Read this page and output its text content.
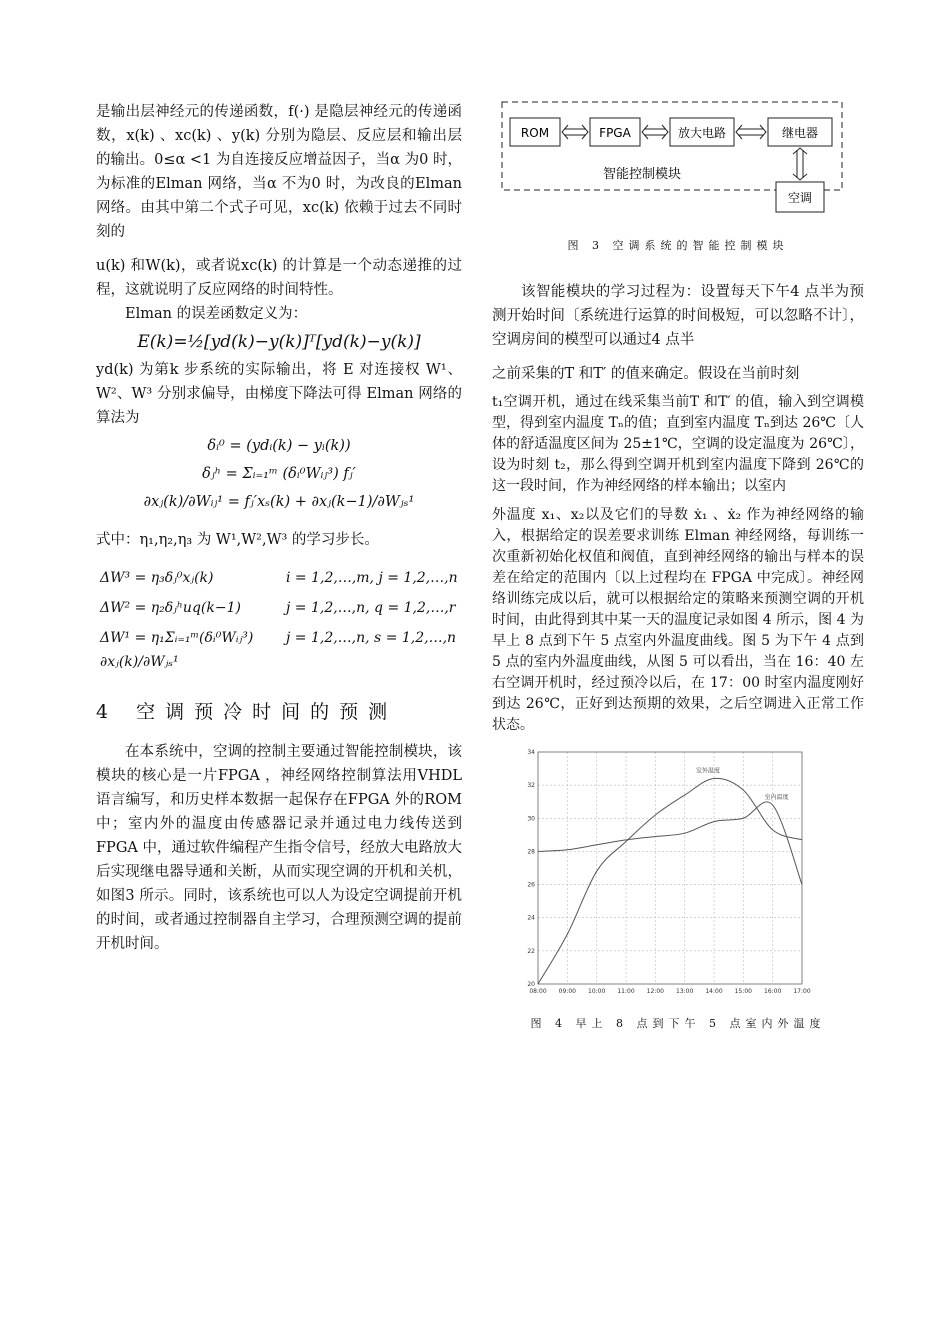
是输出层神经元的传递函数，f(·) 是隐层神经元的传递函数，x(k) 、xc(k) 、y(k) 分别为隐层、反应层和输出层的输出。0≤α <1 为自连接反应增益因子，当α 为0 时，为标准的Elman 网络，当α 不为0 时，为改良的Elman 网络。由其中第二个式子可见，xc(k) 依赖于过去不同时刻的

u(k) 和W(k)，或者说xc(k) 的计算是一个动态递推的过程，这就说明了反应网络的时间特性。

Elman 的误差函数定义为：

E(k)=½[yd(k)−y(k)]ᵀ[yd(k)−y(k)]

yd(k) 为第k 步系统的实际输出，将 E 对连接权 W¹、W²、W³ 分别求偏导，由梯度下降法可得 Elman 网络的算法为

δᵢ⁰ = (ydᵢ(k) − yᵢ(k))
δⱼʰ = Σᵢ₌₁ᵐ (δᵢ⁰Wᵢⱼ³) fⱼ′
∂xⱼ(k)/∂Wᵢⱼ¹ = fⱼ′xₛ(k) + ∂xⱼ(k−1)/∂Wⱼₛ¹

式中：η₁,η₂,η₃ 为 W¹,W²,W³ 的学习步长。

ΔW³ = η₃δⱼ⁰xⱼ(k)	i = 1,2,…,m, j = 1,2,…,n
ΔW² = η₂δⱼʰuq(k−1)	j = 1,2,…,n, q = 1,2,…,r
ΔW¹ = η₁Σᵢ₌₁ᵐ(δᵢ⁰Wᵢⱼ³) ∂xⱼ(k)/∂Wⱼₛ¹
j = 1,2,…,n, s = 1,2,…,n
4 空调预冷时间的预测

在本系统中，空调的控制主要通过智能控制模块，该模块的核心是一片FPGA ，神经网络控制算法用VHDL 语言编写，和历史样本数据一起保存在FPGA 外的ROM 中；室内外的温度由传感器记录并通过电力线传送到FPGA 中，通过软件编程产生指令信号，经放大电路放大后实现继电器导通和关断，从而实现空调的开机和关机，如图3 所示。同时，该系统也可以人为设定空调提前开机的时间，或者通过控制器自主学习，合理预测空调的提前开机时间。

ROM	FPGA	放大电路	继电器
智能控制模块
空调
图 3 空调系统的智能控制模块

该智能模块的学习过程为：设置每天下午4 点半为预测开始时间〔系统进行运算的时间极短，可以忽略不计〕，空调房间的模型可以通过4 点半

之前采集的T 和T′ 的值来确定。假设在当前时刻

t₁空调开机，通过在线采集当前T 和T′ 的值，输入到空调模型，得到室内温度 Tₙ的值；直到室内温度 Tₙ到达 26℃〔人体的舒适温度区间为 25±1℃，空调的设定温度为 26℃〕，设为时刻 t₂，那么得到空调开机到室内温度下降到 26℃的这一段时间，作为神经网络的样本输出；以室内

外温度 x₁、x₂以及它们的导数 ẋ₁ 、ẋ₂ 作为神经网络的输入，根据给定的误差要求训练 Elman 神经网络，每训练一次重新初始化权值和阀值，直到神经网络的输出与样本的误差在给定的范围内〔以上过程均在 FPGA 中完成〕。神经网络训练完成以后，就可以根据给定的策略来预测空调的开机时间，由此得到其中某一天的温度记录如图 4 所示，图 4 为早上 8 点到下午 5 点室内外温度曲线。图 5 为下午 4 点到 5 点的室内外温度曲线，从图 5 可以看出，当在 16：40 左右空调开机时，经过预冷以后，在 17：00 时室内温度刚好到达 26℃，正好到达预期的效果，之后空调进入正常工作状态。

20
22
24
26
28
30
32
34
08:00 09:00 10:00 11:00 12:00 13:00 14:00 15:00 16:00 17:00
室外温度
室内温度
图 4 早上 8 点到下午 5 点室内外温度
